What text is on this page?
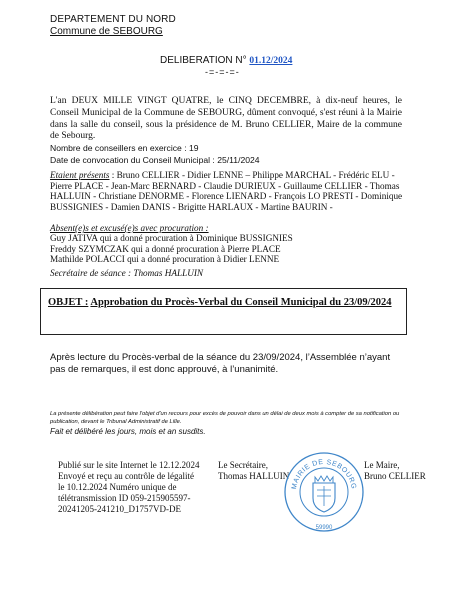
DEPARTEMENT DU NORD
Commune de SEBOURG
DELIBERATION N° 01.12/2024
-=-=-=-
L'an DEUX MILLE VINGT QUATRE, le CINQ DECEMBRE, à dix-neuf heures, le Conseil Municipal de la Commune de SEBOURG, dûment convoqué, s'est réuni à la Mairie dans la salle du conseil, sous la présidence de M. Bruno CELLIER, Maire de la commune de Sebourg.
Nombre de conseillers en exercice : 19
Date de convocation du Conseil Municipal : 25/11/2024
Etaient présents : Bruno CELLIER - Didier LENNE – Philippe MARCHAL - Frédéric ELU - Pierre PLACE - Jean-Marc BERNARD - Claudie DURIEUX - Guillaume CELLIER - Thomas HALLUIN - Christiane DENORME - Florence LIENARD - François LO PRESTI - Dominique BUSSIGNIES - Damien DANIS - Brigitte HARLAUX - Martine BAURIN -
Absent(e)s et excusé(e)s avec procuration :
Guy JATIVA qui a donné procuration à Dominique BUSSIGNIES
Freddy SZYMCZAK qui a donné procuration à Pierre PLACE
Mathilde POLACCI qui a donné procuration à Didier LENNE
Secrétaire de séance : Thomas HALLUIN
OBJET : Approbation du Procès-Verbal du Conseil Municipal du 23/09/2024
Après lecture du Procès-verbal de la séance du 23/09/2024, l’Assemblée n’ayant pas de remarques, il est donc approuvé, à l’unanimité.
La présente délibération peut faire l'objet d'un recours pour excès de pouvoir dans un délai de deux mois à compter de sa notification ou publication, devant le Tribunal Administratif de Lille.
Fait et délibéré les jours, mois et an susdits.
Publié sur le site Internet le 12.12.2024
Envoyé et reçu au contrôle de légalité
le 10.12.2024 Numéro unique de
télétransmission ID 059-215905597-
20241205-241210_D1757VD-DE
Le Secrétaire,
Thomas HALLUIN
MAIRIE DE SEBOURG
59990
Le Maire,
Bruno CELLIER
